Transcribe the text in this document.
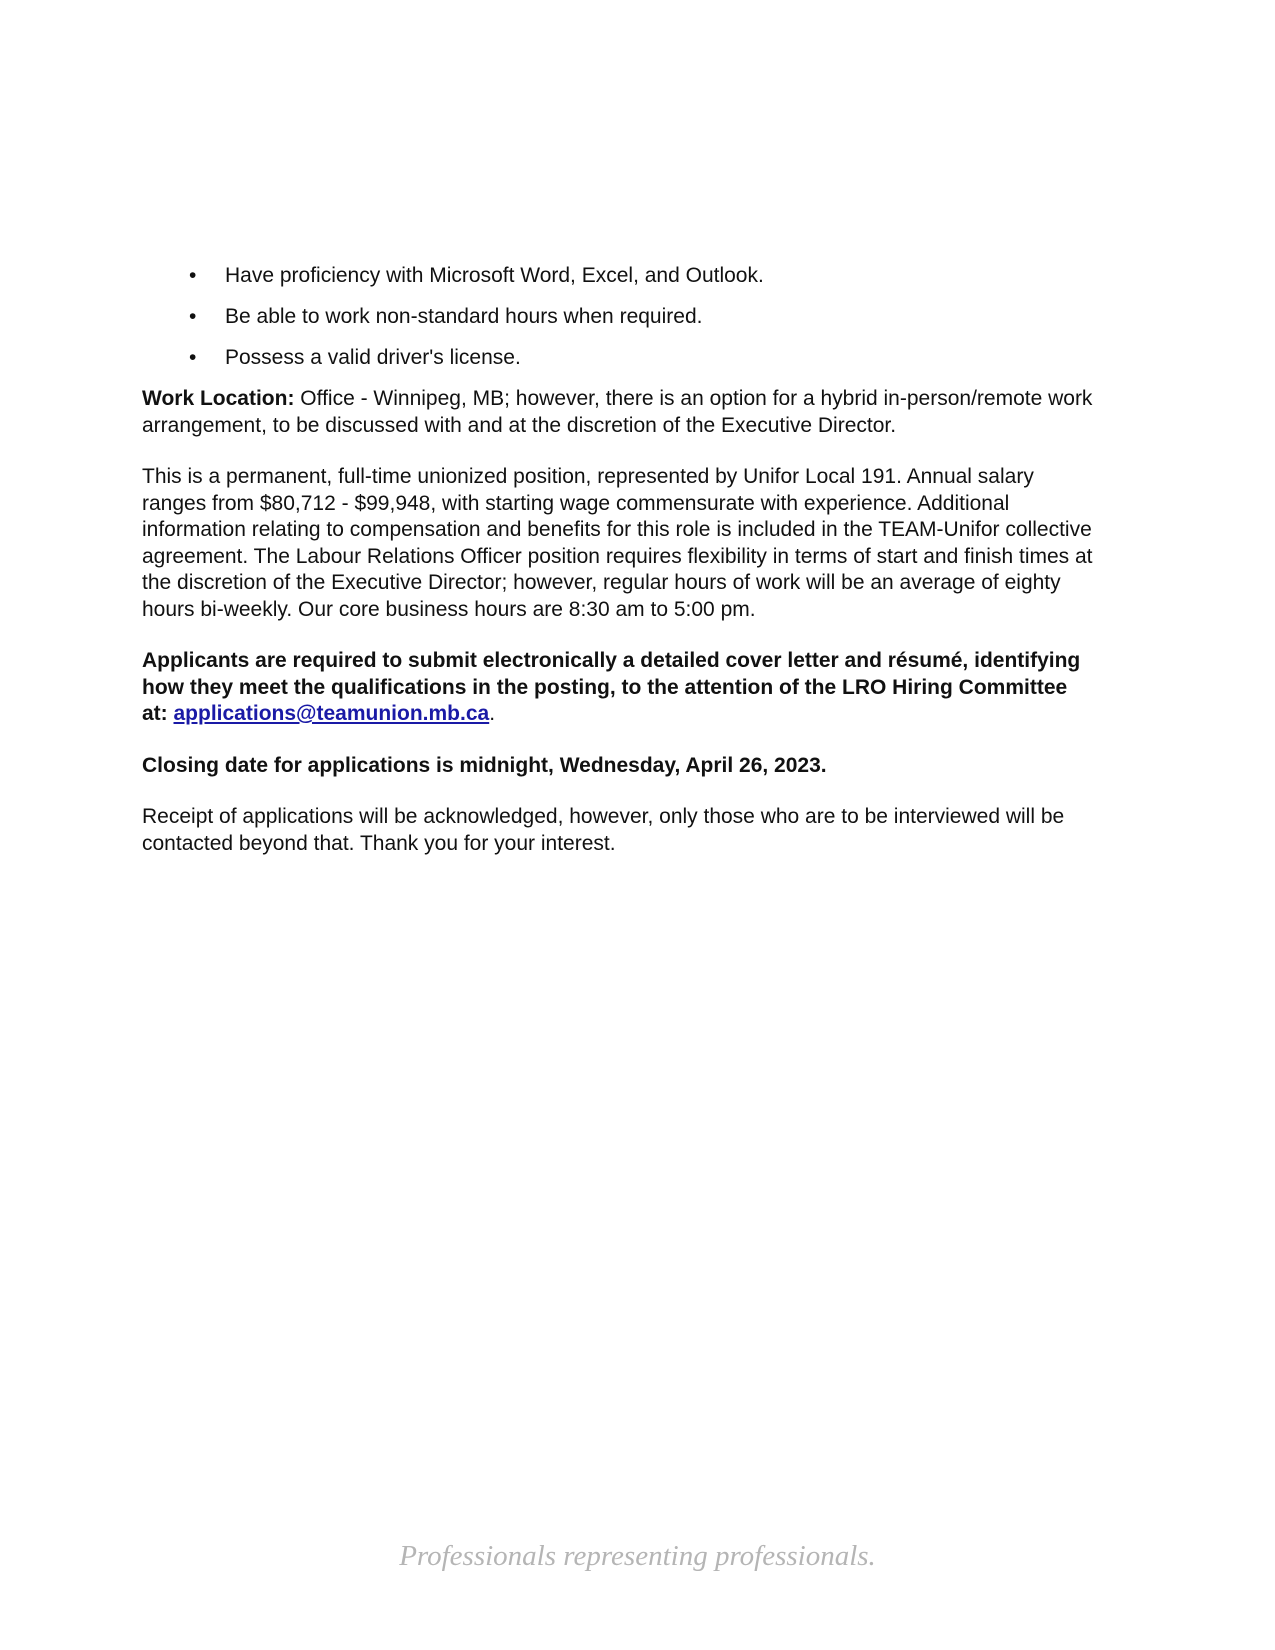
• Have proficiency with Microsoft Word, Excel, and Outlook.
• Be able to work non-standard hours when required.
• Possess a valid driver's license.

Work Location: Office - Winnipeg, MB; however, there is an option for a hybrid in-person/remote work arrangement, to be discussed with and at the discretion of the Executive Director.

This is a permanent, full-time unionized position, represented by Unifor Local 191. Annual salary ranges from $80,712 - $99,948, with starting wage commensurate with experience. Additional information relating to compensation and benefits for this role is included in the TEAM-Unifor collective agreement. The Labour Relations Officer position requires flexibility in terms of start and finish times at the discretion of the Executive Director; however, regular hours of work will be an average of eighty hours bi-weekly. Our core business hours are 8:30 am to 5:00 pm.

Applicants are required to submit electronically a detailed cover letter and résumé, identifying how they meet the qualifications in the posting, to the attention of the LRO Hiring Committee at: applications@teamunion.mb.ca.

Closing date for applications is midnight, Wednesday, April 26, 2023.

Receipt of applications will be acknowledged, however, only those who are to be interviewed will be contacted beyond that. Thank you for your interest.

Professionals representing professionals.
